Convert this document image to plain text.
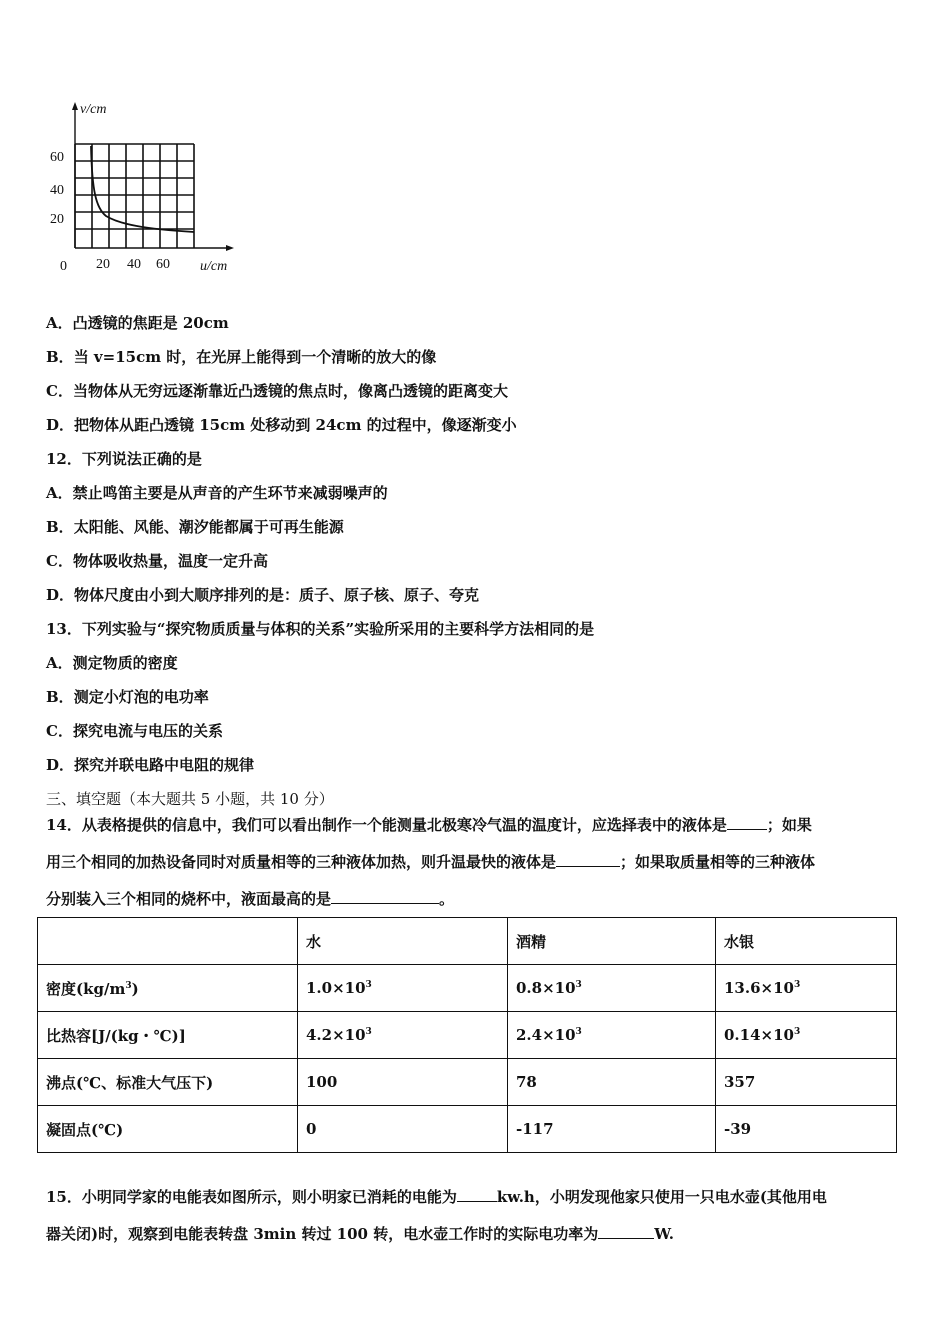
v/cm
60
40
20
0 20 40 60 u/cm
A．凸透镜的焦距是 20cm
B．当 v=15cm 时，在光屏上能得到一个清晰的放大的像
C．当物体从无穷远逐渐靠近凸透镜的焦点时，像离凸透镜的距离变大
D．把物体从距凸透镜 15cm 处移动到 24cm 的过程中，像逐渐变小
12．下列说法正确的是
A．禁止鸣笛主要是从声音的产生环节来减弱噪声的
B．太阳能、风能、潮汐能都属于可再生能源
C．物体吸收热量，温度一定升高
D．物体尺度由小到大顺序排列的是：质子、原子核、原子、夸克
13．下列实验与“探究物质质量与体积的关系”实验所采用的主要科学方法相同的是
A．测定物质的密度
B．测定小灯泡的电功率
C．探究电流与电压的关系
D．探究并联电路中电阻的规律
三、填空题（本大题共 5 小题，共 10 分）
14．从表格提供的信息中，我们可以看出制作一个能测量北极寒冷气温的温度计，应选择表中的液体是	；如果
用三个相同的加热设备同时对质量相等的三种液体加热，则升温最快的液体是	；如果取质量相等的三种液体
分别装入三个相同的烧杯中，液面最高的是	。
	水	酒精	水银
密度$(kg/m^3)$	$1.0\times 10^3$	$0.8\times 10^3$	$13.6\times 10^3$
比热容[J/(kg・℃)]	$4.2\times 10^3$	$2.4\times 10^3$	$0.14\times 10^3$
沸点(℃、标准大气压下)	100	78	357
凝固点(℃)	0	-117	-39
15．小明同学家的电能表如图所示，则小明家已消耗的电能为	kw.h，小明发现他家只使用一只电水壶(其他用电
器关闭)时，观察到电能表转盘 3min 转过 100 转，电水壶工作时的实际电功率为	W.
